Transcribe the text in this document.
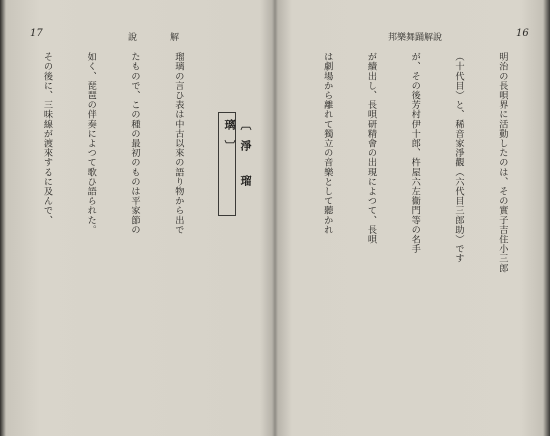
17	說	解

〔淨 瑠 璃〕

瑠璃の言ひ表は中古以來の語り物から出で

たもので、この種の最初のものは平家節の

如く、琵琶の伴奏によつて歌ひ語られた。

その後に、三味線が渡來するに及んで、

邦樂舞踊解說	16

明治の長唄界に活動したのは、その實子吉住小三郎

（十代目）と、稀音家淨觀（六代目三郎助）です

が、その後芳村伊十郎、杵屋六左衞門等の名手

が續出し、長唄研精會の出現によつて、長唄

は劇場から離れて獨立の音樂として聽かれ
